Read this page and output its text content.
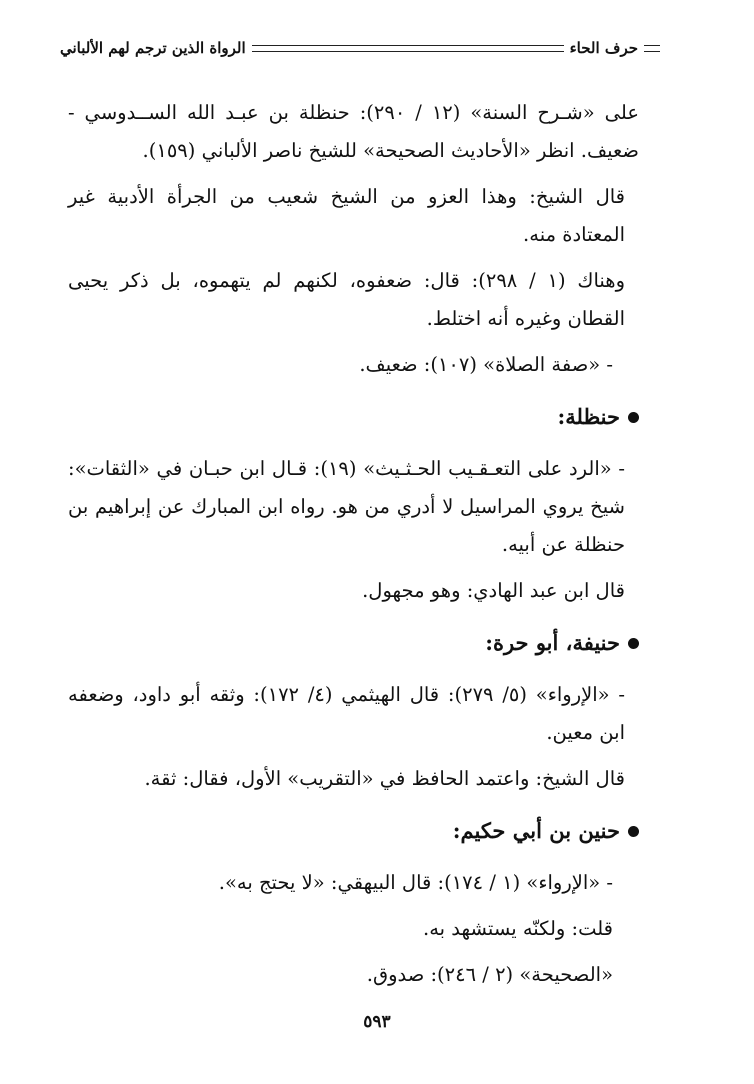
حرف الحاء
الرواة الذين ترجم لهم الألباني

على «شـرح السنة» (١٢ / ٢٩٠): حنظلة بن عبـد الله الســدوسي - ضعيف. انظر «الأحاديث الصحيحة» للشيخ ناصر الألباني (١٥٩).

قال الشيخ: وهذا العزو من الشيخ شعيب من الجرأة الأدبية غير المعتادة منه.

وهناك (١ / ٢٩٨): قال: ضعفوه، لكنهم لم يتهموه، بل ذكر يحيى القطان وغيره أنه اختلط.

- «صفة الصلاة» (١٠٧): ضعيف.

حنظلة:

- «الرد على التعـقـيب الحـثـيث» (١٩): قـال ابن حبـان في «الثقات»: شيخ يروي المراسيل لا أدري من هو. رواه ابن المبارك عن إبراهيم بن حنظلة عن أبيه.

قال ابن عبد الهادي: وهو مجهول.

حنيفة، أبو حرة:

- «الإرواء» (٥/ ٢٧٩): قال الهيثمي (٤/ ١٧٢): وثقه أبو داود، وضعفه ابن معين.

قال الشيخ: واعتمد الحافظ في «التقريب» الأول، فقال: ثقة.

حنين بن أبي حكيم:

- «الإرواء» (١ / ١٧٤): قال البيهقي: «لا يحتج به».

قلت: ولكنّه يستشهد به.

«الصحيحة» (٢ / ٢٤٦): صدوق.

٥٩٣
